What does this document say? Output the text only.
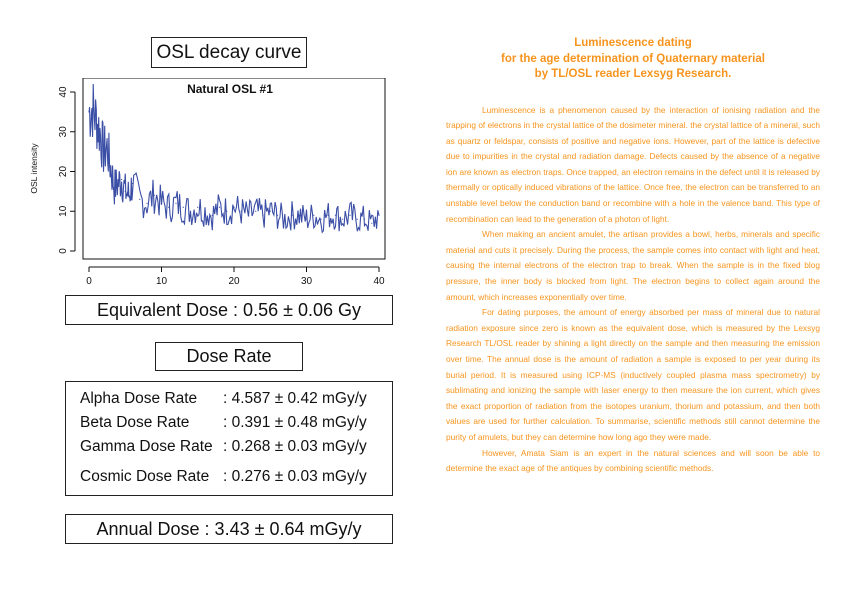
OSL decay curve
Natural OSL #1
OSL intensity
0	10	20	30	40
0
10
20
30
40
Equivalent Dose : 0.56 ± 0.06 Gy
Dose Rate
Alpha Dose Rate : 4.587 ± 0.42 mGy/y
Beta Dose Rate : 0.391 ± 0.48 mGy/y
Gamma Dose Rate : 0.268 ± 0.03 mGy/y
Cosmic Dose Rate : 0.276 ± 0.03 mGy/y
Annual Dose : 3.43 ± 0.64 mGy/y
Luminescence dating
for the age determination of Quaternary material
by TL/OSL reader Lexsyg Research.

Luminescence is a phenomenon caused by the interaction of ionising radiation and the trapping of electrons in the crystal lattice of the dosimeter mineral. the crystal lattice of a mineral, such as quartz or feldspar, consists of positive and negative ions. However, part of the lattice is defective due to impurities in the crystal and radiation damage. Defects caused by the absence of a negative ion are known as electron traps. Once trapped, an electron remains in the defect until it is released by thermally or optically induced vibrations of the lattice. Once free, the electron can be transferred to an unstable level below the conduction band or recombine with a hole in the valence band. This type of recombination can lead to the generation of a photon of light.

When making an ancient amulet, the artisan provides a bowl, herbs, minerals and specific material and cuts it precisely. During the process, the sample comes into contact with light and heat, causing the internal electrons of the electron trap to break. When the sample is in the fixed blog pressure, the inner body is blocked from light. The electron begins to collect again around the amount, which increases exponentially over time.

For dating purposes, the amount of energy absorbed per mass of mineral due to natural radiation exposure since zero is known as the equivalent dose, which is measured by the Lexsyg Research TL/OSL reader by shining a light directly on the sample and then measuring the emission over time. The annual dose is the amount of radiation a sample is exposed to per year during its burial period. It is measured using ICP-MS (inductively coupled plasma mass spectrometry) by sublimating and ionizing the sample with laser energy to then measure the ion current, which gives the exact proportion of radiation from the isotopes uranium, thorium and potassium, and then both values are used for further calculation. To summarise, scientific methods still cannot determine the purity of amulets, but they can determine how long ago they were made.

However, Amata Siam is an expert in the natural sciences and will soon be able to determine the exact age of the antiques by combining scientific methods.
